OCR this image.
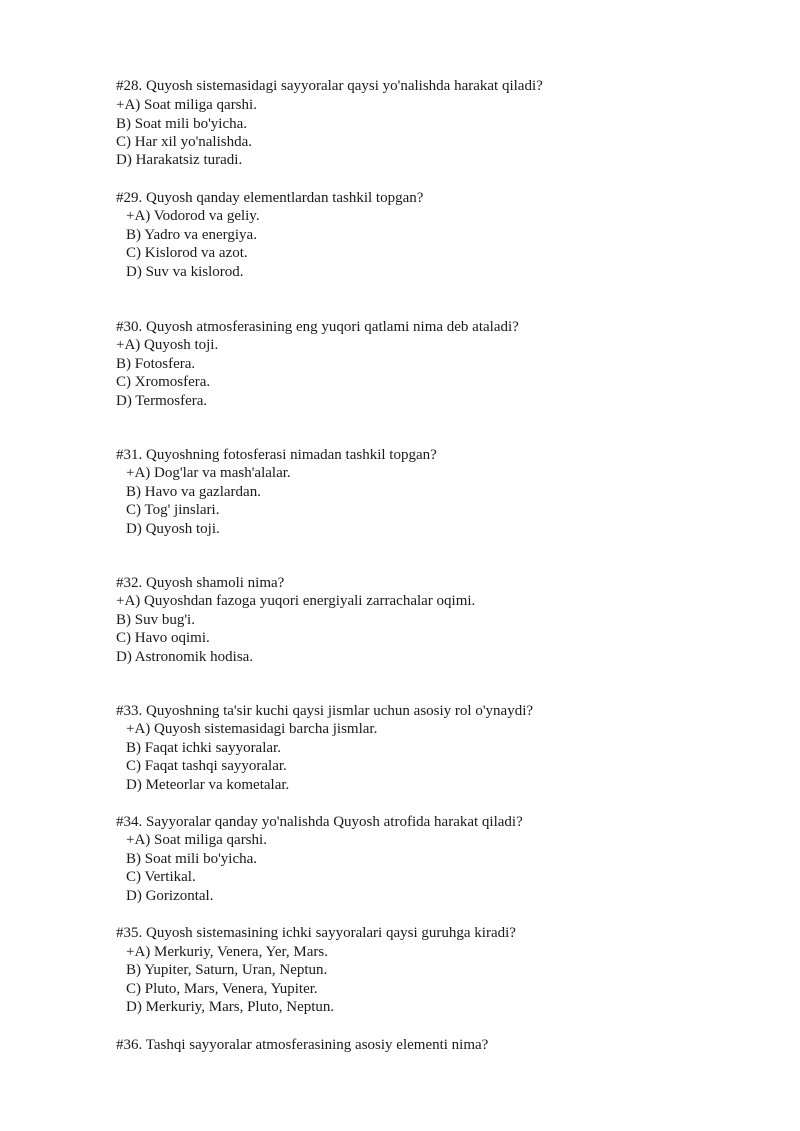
#28. Quyosh sistemasidagi sayyoralar qaysi yo'nalishda harakat qiladi?
+A) Soat miliga qarshi.
B) Soat mili bo'yicha.
C) Har xil yo'nalishda.
D) Harakatsiz turadi.
#29. Quyosh qanday elementlardan tashkil topgan?
+A) Vodorod va geliy.
B) Yadro va energiya.
C) Kislorod va azot.
D) Suv va kislorod.
#30. Quyosh atmosferasining eng yuqori qatlami nima deb ataladi?
+A) Quyosh toji.
B) Fotosfera.
C) Xromosfera.
D) Termosfera.
#31. Quyoshning fotosferasi nimadan tashkil topgan?
+A) Dog'lar va mash'alalar.
B) Havo va gazlardan.
C) Tog' jinslari.
D) Quyosh toji.
#32. Quyosh shamoli nima?
+A) Quyoshdan fazoga yuqori energiyali zarrachalar oqimi.
B) Suv bug'i.
C) Havo oqimi.
D) Astronomik hodisa.
#33. Quyoshning ta'sir kuchi qaysi jismlar uchun asosiy rol o'ynaydi?
+A) Quyosh sistemasidagi barcha jismlar.
B) Faqat ichki sayyoralar.
C) Faqat tashqi sayyoralar.
D) Meteorlar va kometalar.
#34. Sayyoralar qanday yo'nalishda Quyosh atrofida harakat qiladi?
+A) Soat miliga qarshi.
B) Soat mili bo'yicha.
C) Vertikal.
D) Gorizontal.
#35. Quyosh sistemasining ichki sayyoralari qaysi guruhga kiradi?
+A) Merkuriy, Venera, Yer, Mars.
B) Yupiter, Saturn, Uran, Neptun.
C) Pluto, Mars, Venera, Yupiter.
D) Merkuriy, Mars, Pluto, Neptun.
#36. Tashqi sayyoralar atmosferasining asosiy elementi nima?
